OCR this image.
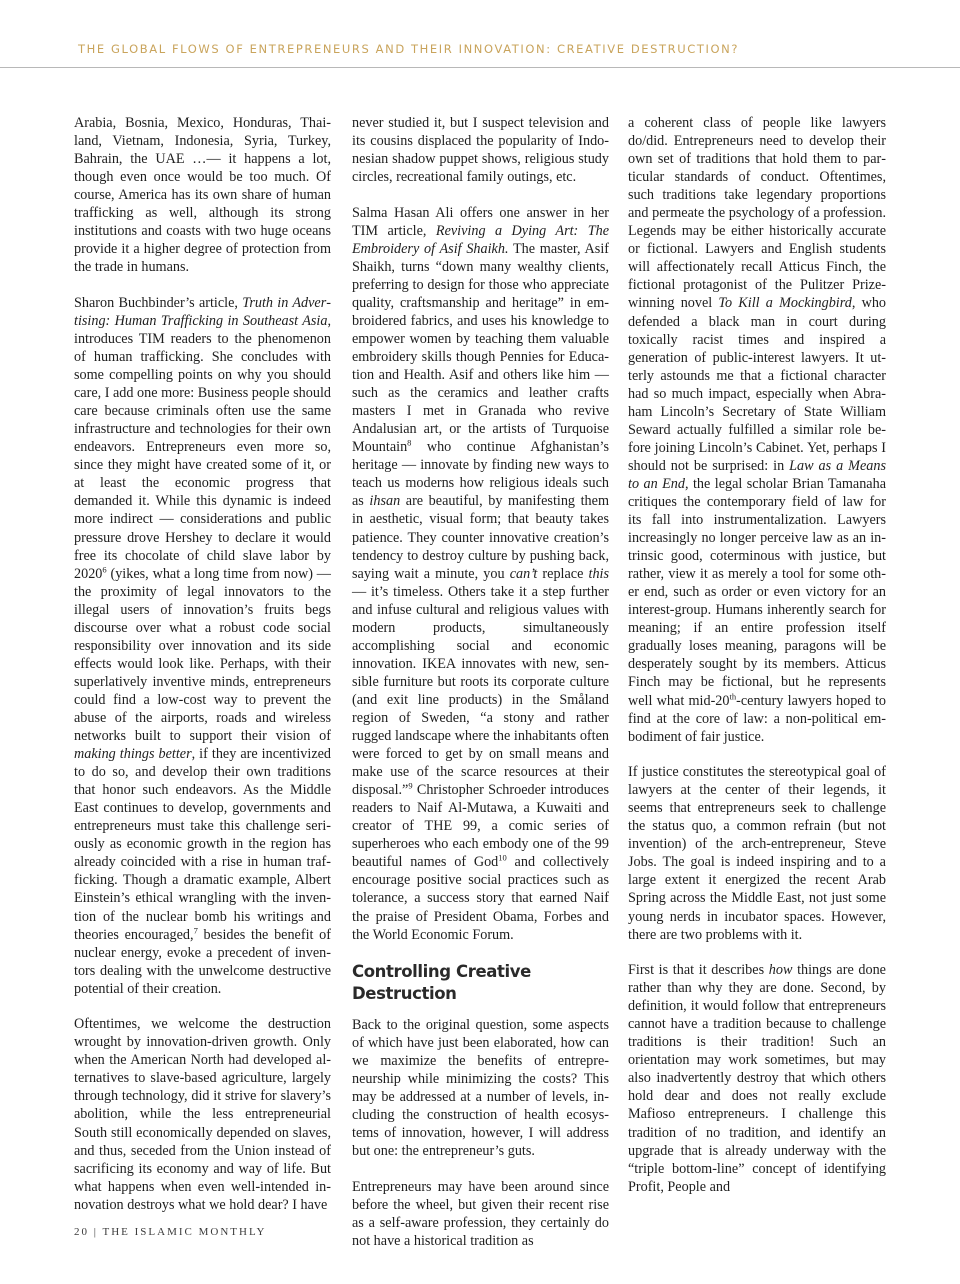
THE GLOBAL FLOWS OF ENTREPRENEURS AND THEIR INNOVATION: CREATIVE DESTRUCTION?

Arabia, Bosnia, Mexico, Honduras, Thailand, Vietnam, Indonesia, Syria, Turkey, Bahrain, the UAE …— it happens a lot, though even once would be too much. Of course, America has its own share of human trafficking as well, although its strong institutions and coasts with two huge oceans provide it a higher degree of protection from the trade in humans.

Sharon Buchbinder’s article, Truth in Advertising: Human Trafficking in Southeast Asia, introduces TIM readers to the phenomenon of human trafficking. She concludes with some compelling points on why you should care, I add one more: Business people should care because criminals often use the same infrastructure and technologies for their own endeavors. Entrepreneurs even more so, since they might have created some of it, or at least the economic progress that demanded it. While this dynamic is indeed more indirect — considerations and public pressure drove Hershey to declare it would free its chocolate of child slave labor by 2020$^6$ (yikes, what a long time from now) — the proximity of legal innovators to the illegal users of innovation’s fruits begs discourse over what a robust code social responsibility over innovation and its side effects would look like. Perhaps, with their superlatively inventive minds, entrepreneurs could find a low-cost way to prevent the abuse of the airports, roads and wireless networks built to support their vision of making things better, if they are incentivized to do so, and develop their own traditions that honor such endeavors. As the Middle East continues to develop, governments and entrepreneurs must take this challenge seriously as economic growth in the region has already coincided with a rise in human trafficking. Though a dramatic example, Albert Einstein’s ethical wrangling with the invention of the nuclear bomb his writings and theories encouraged,$^7$ besides the benefit of nuclear energy, evoke a precedent of inventors dealing with the unwelcome destructive potential of their creation.

Oftentimes, we welcome the destruction wrought by innovation-driven growth. Only when the American North had developed alternatives to slave-based agriculture, largely through technology, did it strive for slavery’s abolition, while the less entrepreneurial South still economically depended on slaves, and thus, seceded from the Union instead of sacrificing its economy and way of life. But what happens when even well-intended innovation destroys what we hold dear? I have

never studied it, but I suspect television and its cousins displaced the popularity of Indonesian shadow puppet shows, religious study circles, recreational family outings, etc.

Salma Hasan Ali offers one answer in her TIM article, Reviving a Dying Art: The Embroidery of Asif Shaikh. The master, Asif Shaikh, turns “down many wealthy clients, preferring to design for those who appreciate quality, craftsmanship and heritage” in embroidered fabrics, and uses his knowledge to empower women by teaching them valuable embroidery skills though Pennies for Education and Health. Asif and others like him — such as the ceramics and leather crafts masters I met in Granada who revive Andalusian art, or the artists of Turquoise Mountain$^8$ who continue Afghanistan’s heritage — innovate by finding new ways to teach us moderns how religious ideals such as ihsan are beautiful, by manifesting them in aesthetic, visual form; that beauty takes patience. They counter innovative creation’s tendency to destroy culture by pushing back, saying wait a minute, you can’t replace this — it’s timeless. Others take it a step further and infuse cultural and religious values with modern products, simultaneously accomplishing social and economic innovation. IKEA innovates with new, sensible furniture but roots its corporate culture (and exit line products) in the Småland region of Sweden, “a stony and rather rugged landscape where the inhabitants often were forced to get by on small means and make use of the scarce resources at their disposal.”$^9$ Christopher Schroeder introduces readers to Naif Al-Mutawa, a Kuwaiti and creator of THE 99, a comic series of superheroes who each embody one of the 99 beautiful names of God$^{10}$ and collectively encourage positive social practices such as tolerance, a success story that earned Naif the praise of President Obama, Forbes and the World Economic Forum.

Controlling Creative Destruction

Back to the original question, some aspects of which have just been elaborated, how can we maximize the benefits of entrepreneurship while minimizing the costs? This may be addressed at a number of levels, including the construction of health ecosystems of innovation, however, I will address but one: the entrepreneur’s guts.

Entrepreneurs may have been around since before the wheel, but given their recent rise as a self-aware profession, they certainly do not have a historical tradition as

a coherent class of people like lawyers do/did. Entrepreneurs need to develop their own set of traditions that hold them to particular standards of conduct. Oftentimes, such traditions take legendary proportions and permeate the psychology of a profession. Legends may be either historically accurate or fictional. Lawyers and English students will affectionately recall Atticus Finch, the fictional protagonist of the Pulitzer Prize-winning novel To Kill a Mockingbird, who defended a black man in court during toxically racist times and inspired a generation of public-interest lawyers. It utterly astounds me that a fictional character had so much impact, especially when Abraham Lincoln’s Secretary of State William Seward actually fulfilled a similar role before joining Lincoln’s Cabinet. Yet, perhaps I should not be surprised: in Law as a Means to an End, the legal scholar Brian Tamanaha critiques the contemporary field of law for its fall into instrumentalization. Lawyers increasingly no longer perceive law as an intrinsic good, coterminous with justice, but rather, view it as merely a tool for some other end, such as order or even victory for an interest-group. Humans inherently search for meaning; if an entire profession itself gradually loses meaning, paragons will be desperately sought by its members. Atticus Finch may be fictional, but he represents well what mid-20th-century lawyers hoped to find at the core of law: a non-political embodiment of fair justice.

If justice constitutes the stereotypical goal of lawyers at the center of their legends, it seems that entrepreneurs seek to challenge the status quo, a common refrain (but not invention) of the arch-entrepreneur, Steve Jobs. The goal is indeed inspiring and to a large extent it energized the recent Arab Spring across the Middle East, not just some young nerds in incubator spaces. However, there are two problems with it.

First is that it describes how things are done rather than why they are done. Second, by definition, it would follow that entrepreneurs cannot have a tradition because to challenge traditions is their tradition! Such an orientation may work sometimes, but may also inadvertently destroy that which others hold dear and does not really exclude Mafioso entrepreneurs. I challenge this tradition of no tradition, and identify an upgrade that is already underway with the “triple bottom-line” concept of identifying Profit, People and

20 | THE ISLAMIC MONTHLY
